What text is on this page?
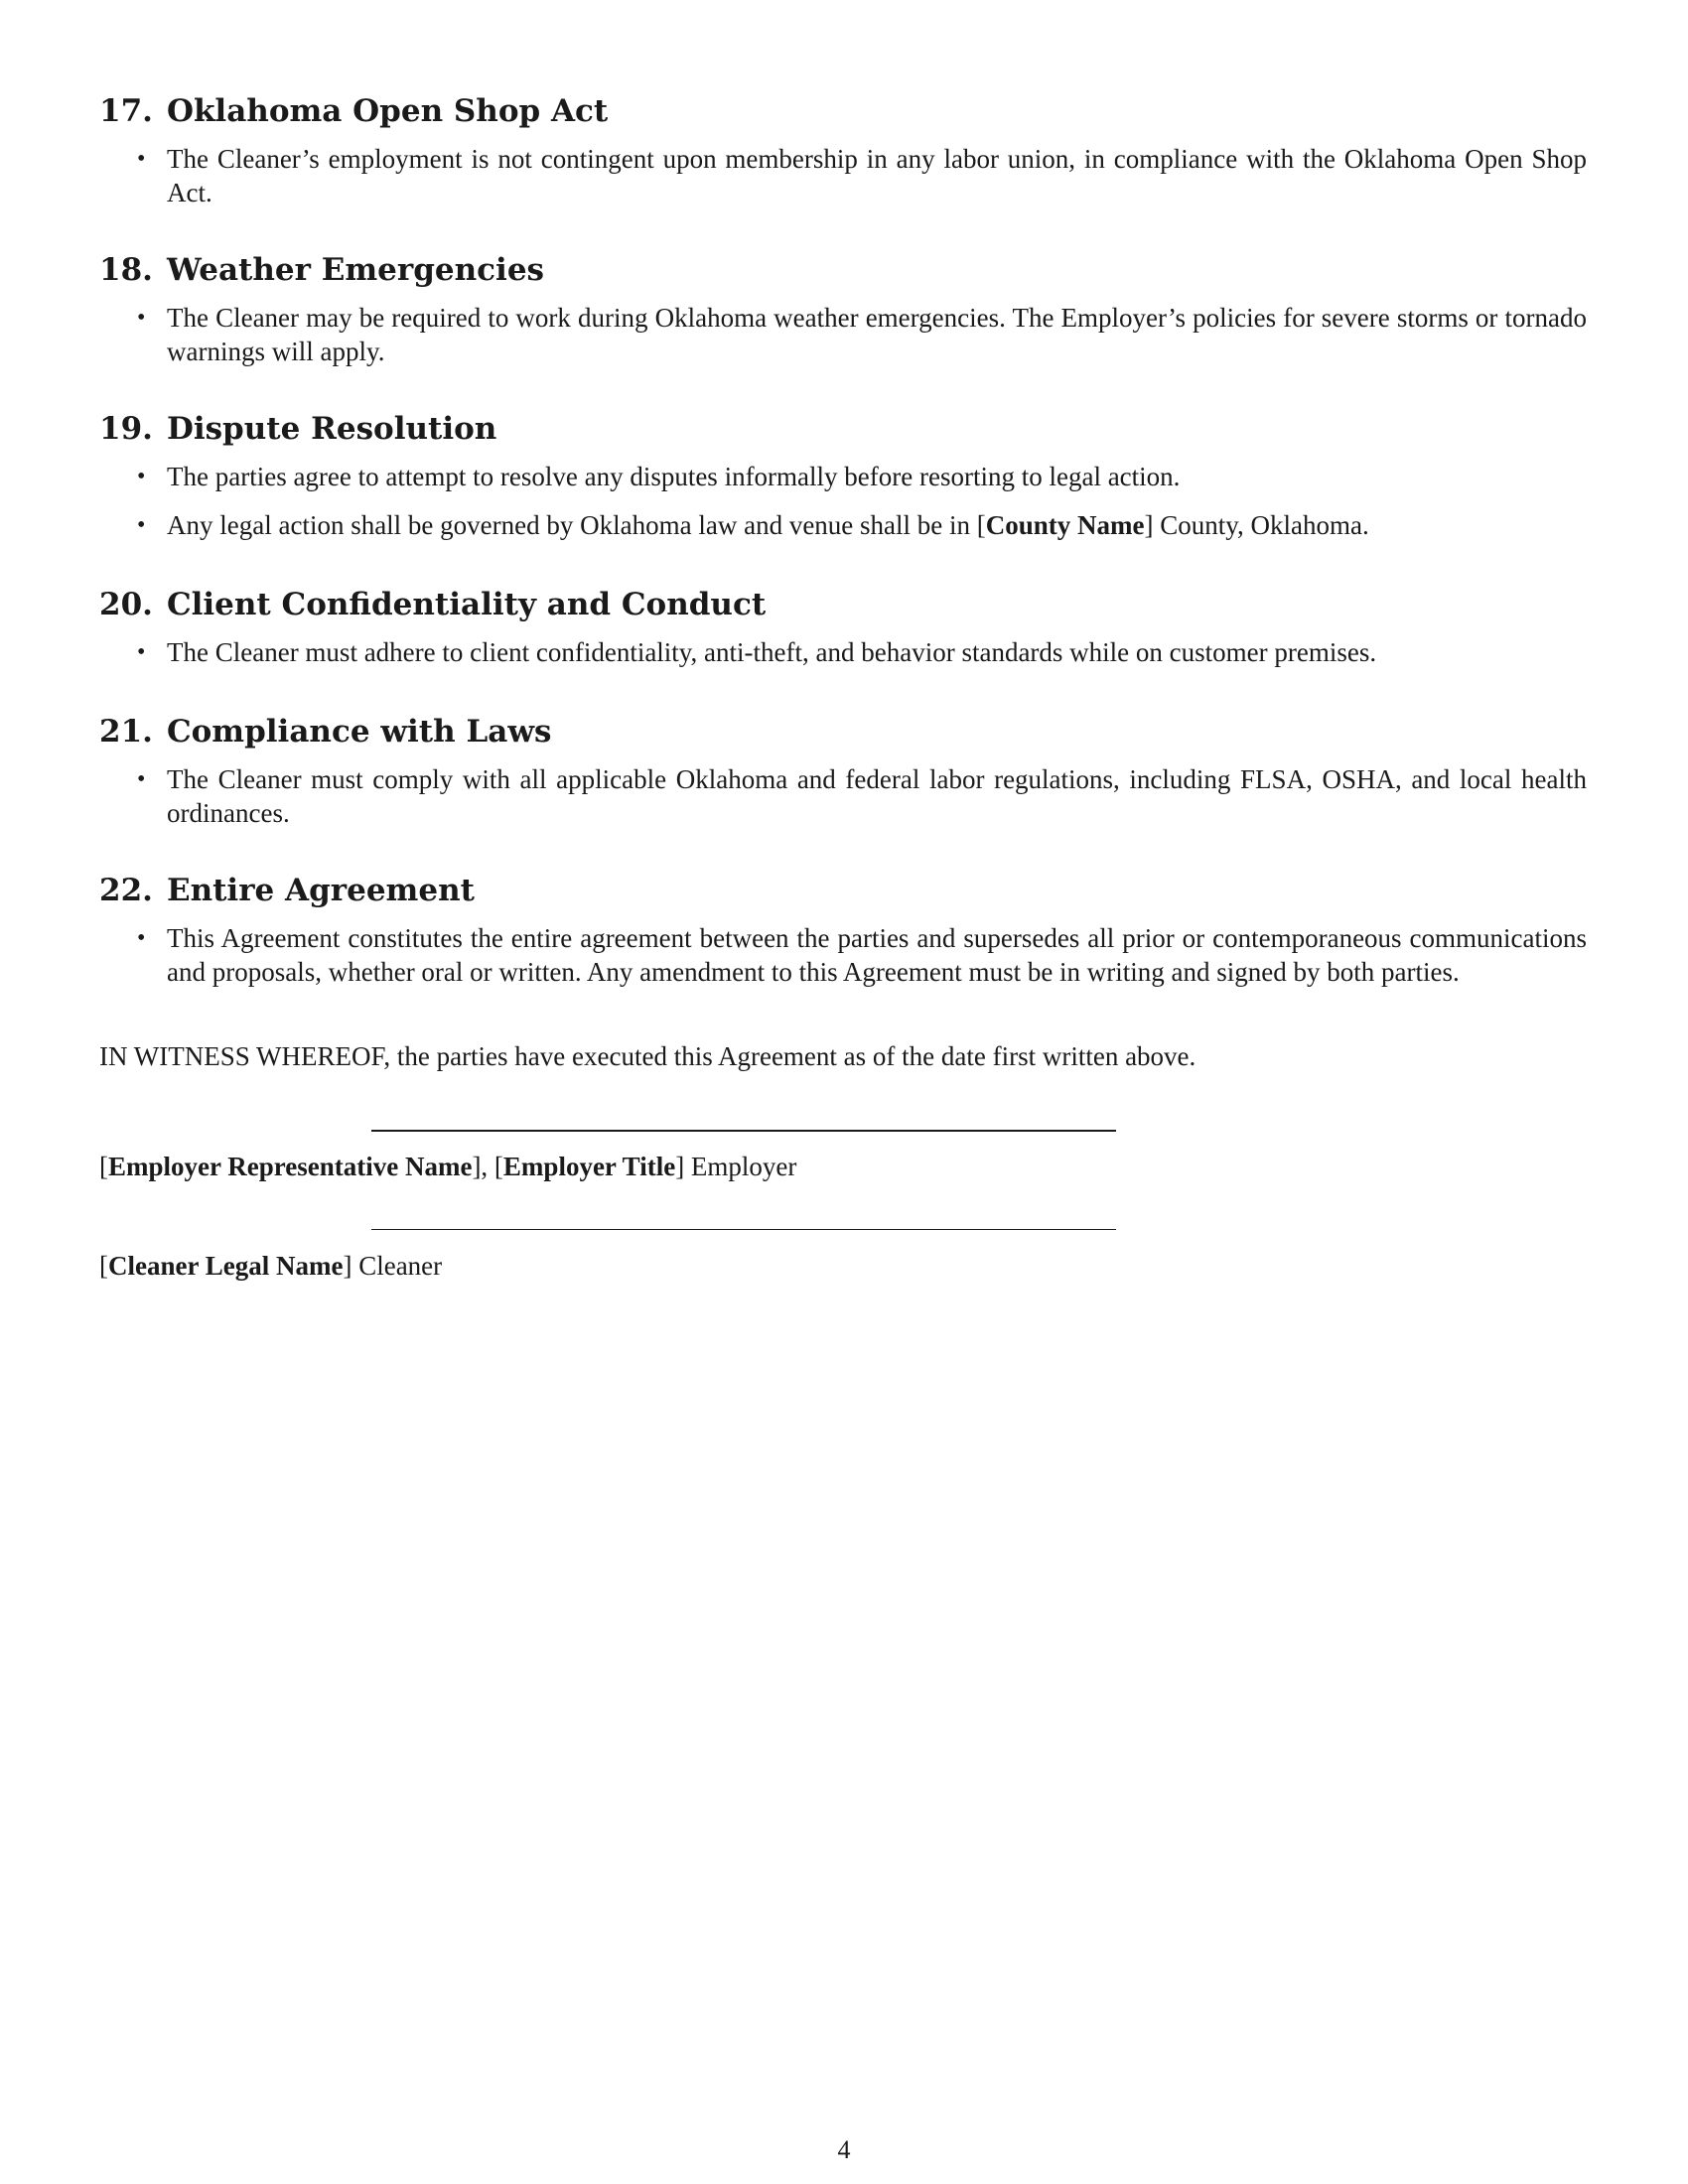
17. Oklahoma Open Shop Act
• The Cleaner’s employment is not contingent upon membership in any labor union, in compliance with the Oklahoma Open Shop Act.
18. Weather Emergencies
• The Cleaner may be required to work during Oklahoma weather emergencies. The Employer’s policies for severe storms or tornado warnings will apply.
19. Dispute Resolution
• The parties agree to attempt to resolve any disputes informally before resorting to legal action.
• Any legal action shall be governed by Oklahoma law and venue shall be in [County Name] County, Oklahoma.
20. Client Confidentiality and Conduct
• The Cleaner must adhere to client confidentiality, anti-theft, and behavior standards while on customer premises.
21. Compliance with Laws
• The Cleaner must comply with all applicable Oklahoma and federal labor regulations, including FLSA, OSHA, and local health ordinances.
22. Entire Agreement
• This Agreement constitutes the entire agreement between the parties and supersedes all prior or contemporaneous communications and proposals, whether oral or written. Any amendment to this Agreement must be in writing and signed by both parties.

IN WITNESS WHEREOF, the parties have executed this Agreement as of the date first written above.

[Employer Representative Name], [Employer Title] Employer
[Cleaner Legal Name] Cleaner
4
